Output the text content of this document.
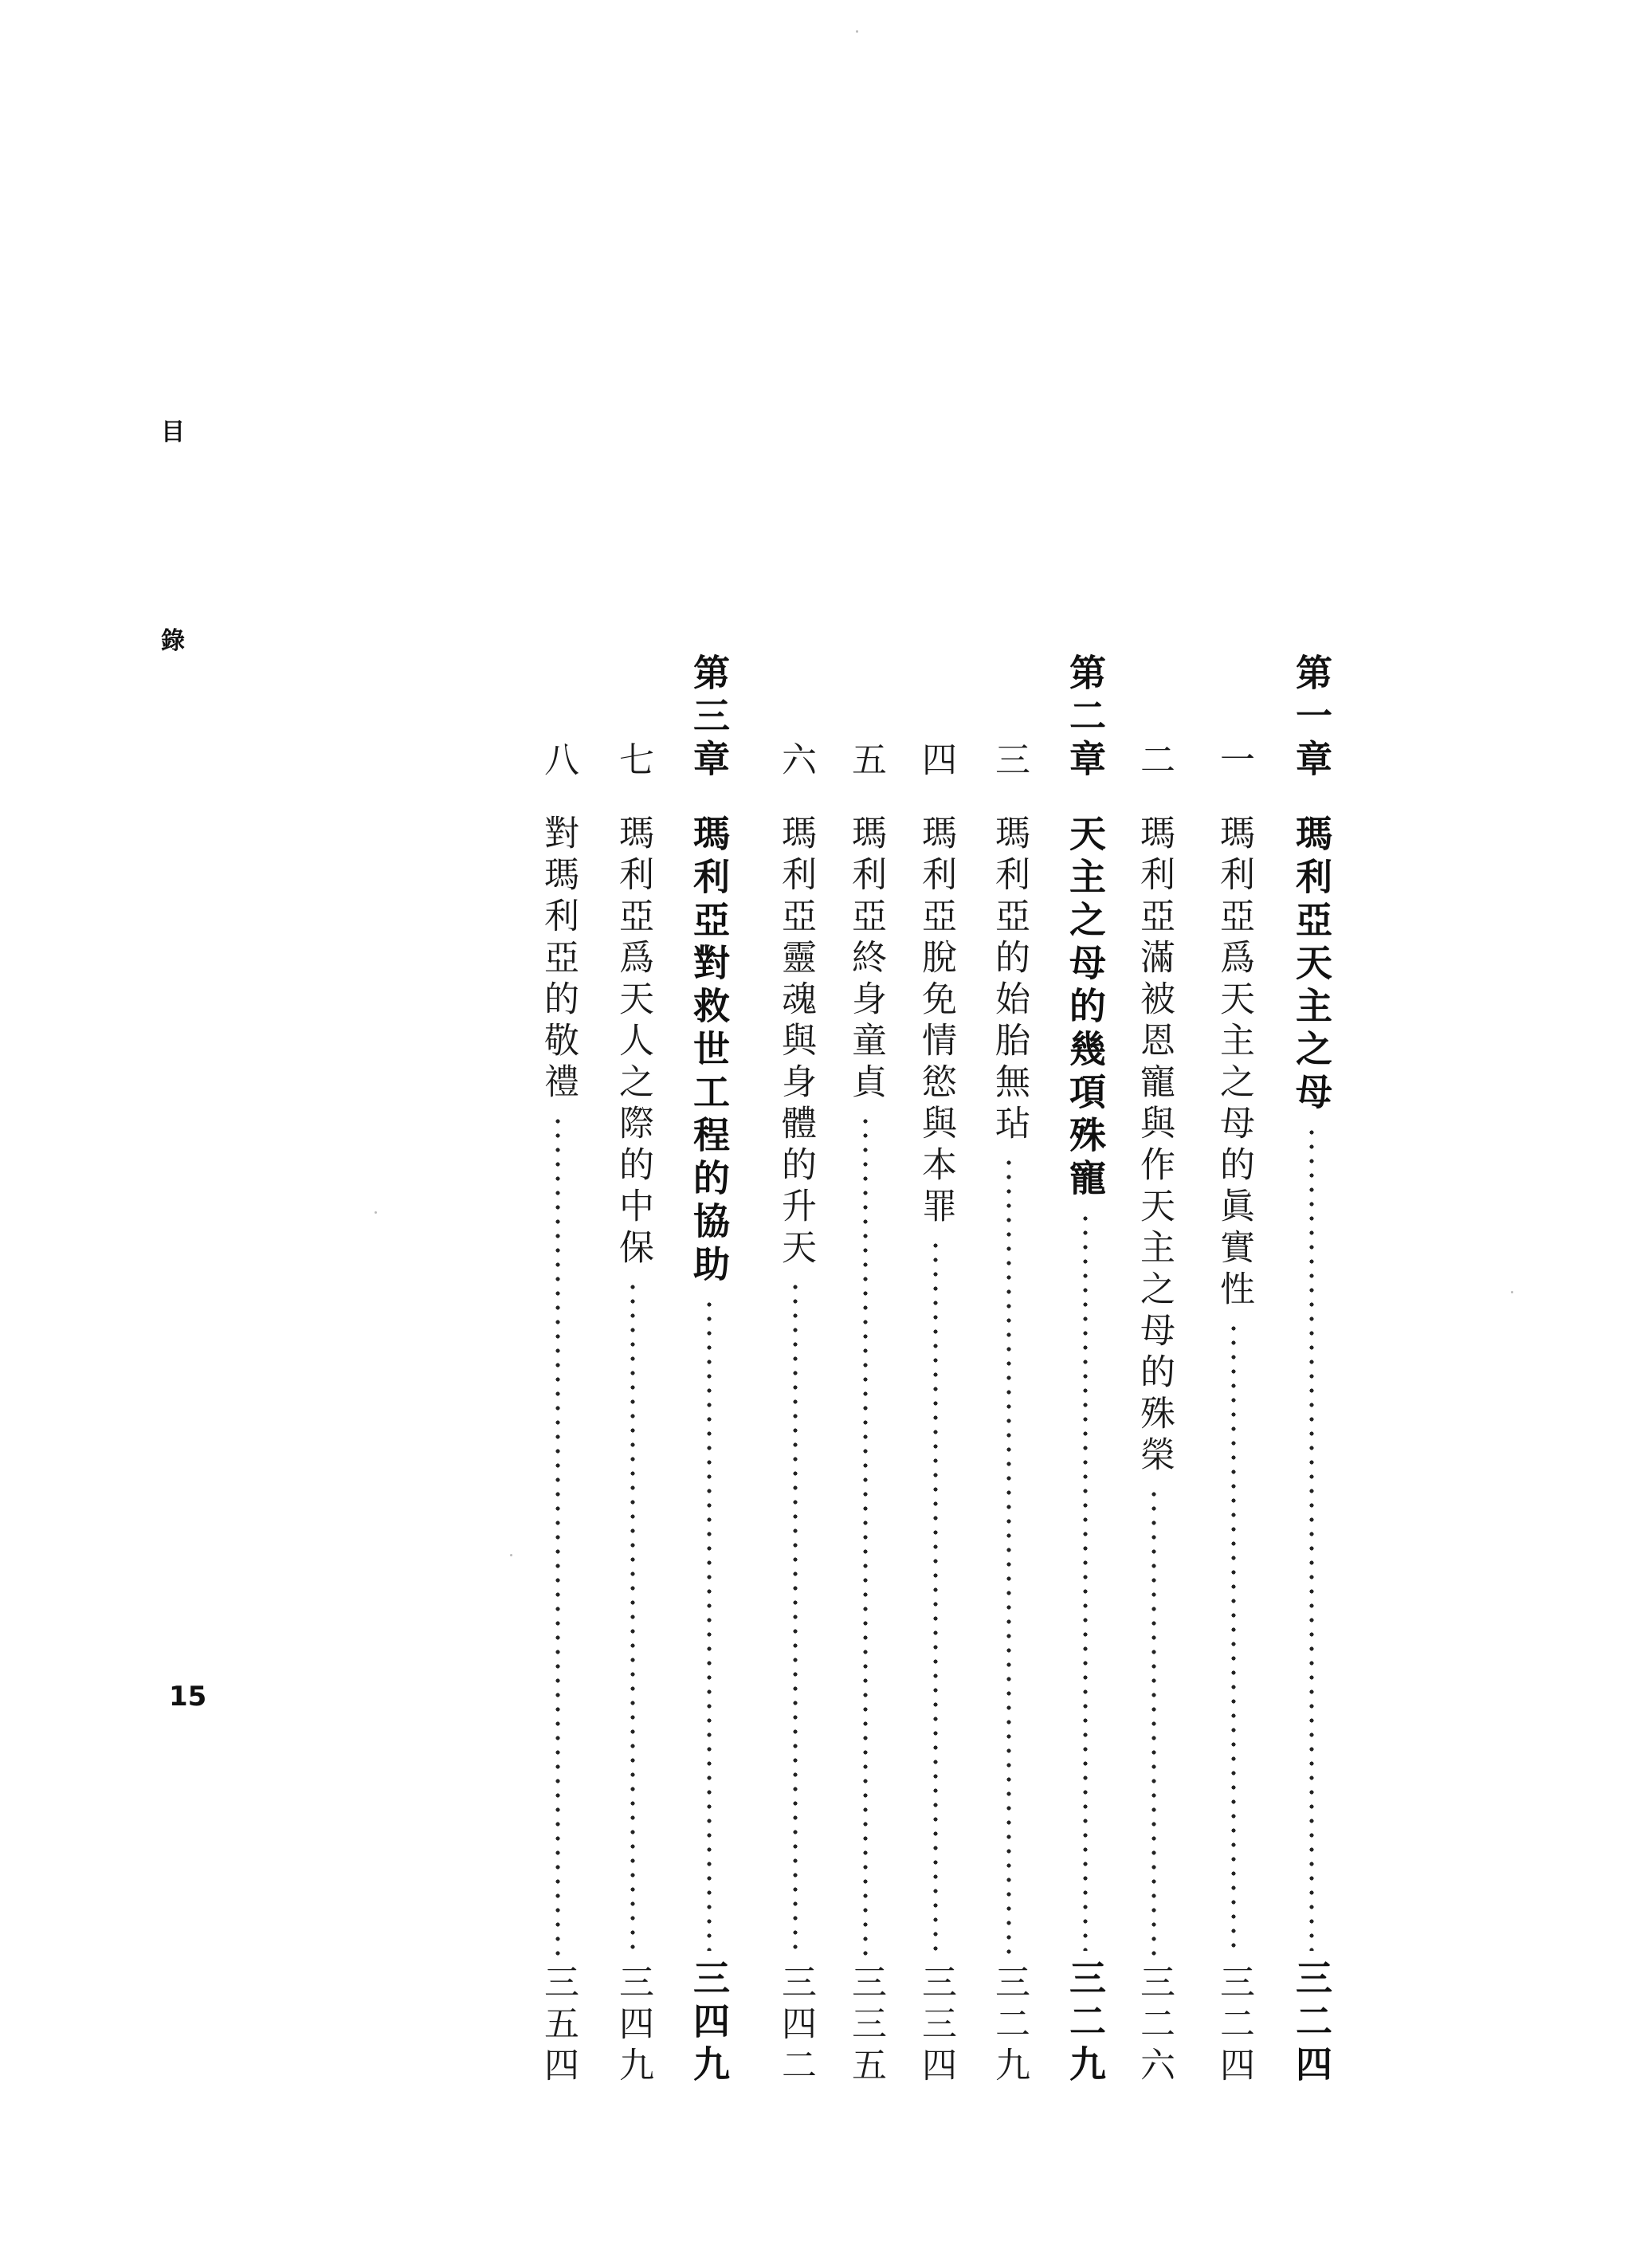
目
錄
15
第一章
瑪利亞天主之母
三二四
一
瑪利亞爲天主之母的眞實性
三二四
二
瑪利亞滿被恩寵與作天主之母的殊榮
三二六
第二章
天主之母的幾項殊寵
三二九
三
瑪利亞的始胎無玷
三二九
四
瑪利亞脫免情慾與本罪
三三四
五
瑪利亞終身童貞
三三五
六
瑪利亞靈魂與身體的升天
三四二
第三章
瑪利亞對救世工程的協助
三四九
七
瑪利亞爲天人之際的中保
三四九
八
對瑪利亞的敬禮
三五四
